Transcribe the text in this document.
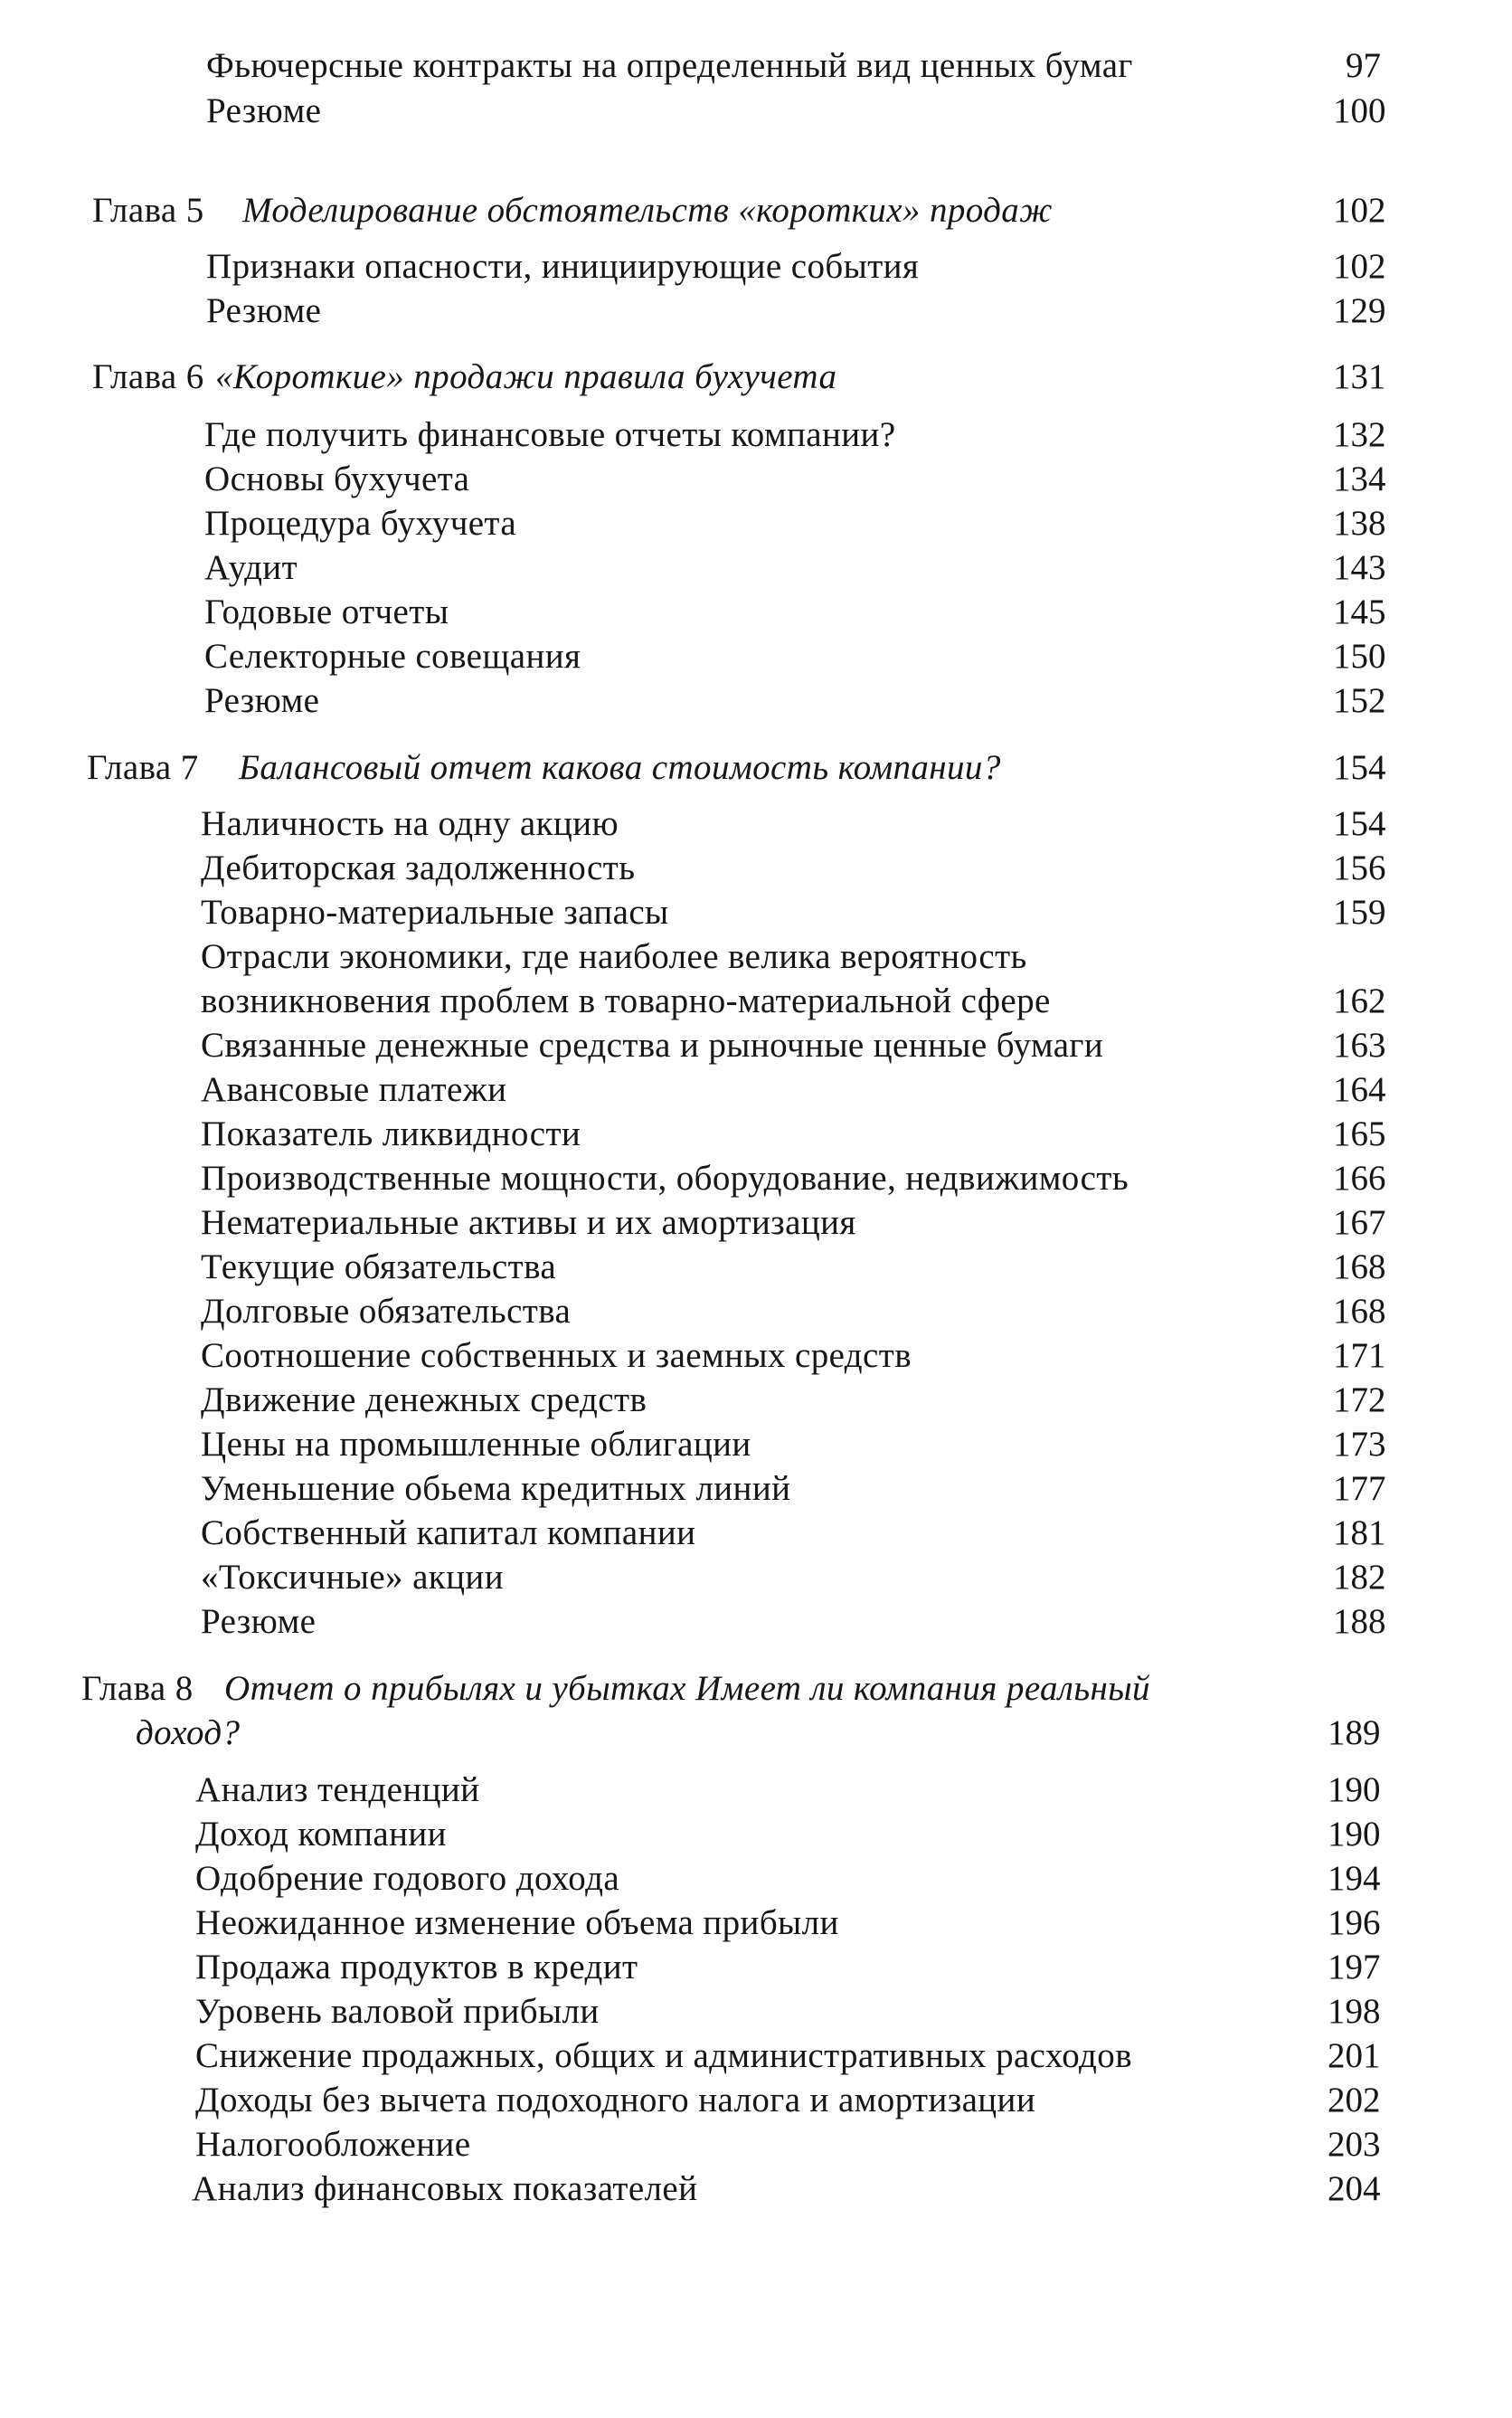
Фьючерсные контракты на определенный вид ценных бумаг	97
Резюме	100
Глава 5 Моделирование обстоятельств «коротких» продаж	102
Признаки опасности, инициирующие события	102
Резюме	129
Глава 6 «Короткие» продажи правила бухучета	131
Где получить финансовые отчеты компании?	132
Основы бухучета	134
Процедура бухучета	138
Аудит	143
Годовые отчеты	145
Селекторные совещания	150
Резюме	152
Глава 7 Балансовый отчет какова стоимость компании?	154
Наличность на одну акцию	154
Дебиторская задолженность	156
Товарно-материальные запасы	159
Отрасли экономики, где наиболее велика вероятность
возникновения проблем в товарно-материальной сфере	162
Связанные денежные средства и рыночные ценные бумаги	163
Авансовые платежи	164
Показатель ликвидности	165
Производственные мощности, оборудование, недвижимость	166
Нематериальные активы и их амортизация	167
Текущие обязательства	168
Долговые обязательства	168
Соотношение собственных и заемных средств	171
Движение денежных средств	172
Цены на промышленные облигации	173
Уменьшение обьема кредитных линий	177
Собственный капитал компании	181
«Токсичные» акции	182
Резюме	188
Глава 8 Отчет о прибылях и убытках Имеет ли компания реальный
доход?	189
Анализ тенденций	190
Доход компании	190
Одобрение годового дохода	194
Неожиданное изменение объема прибыли	196
Продажа продуктов в кредит	197
Уровень валовой прибыли	198
Снижение продажных, общих и административных расходов	201
Доходы без вычета подоходного налога и амортизации	202
Налогообложение	203
Анализ финансовых показателей	204
